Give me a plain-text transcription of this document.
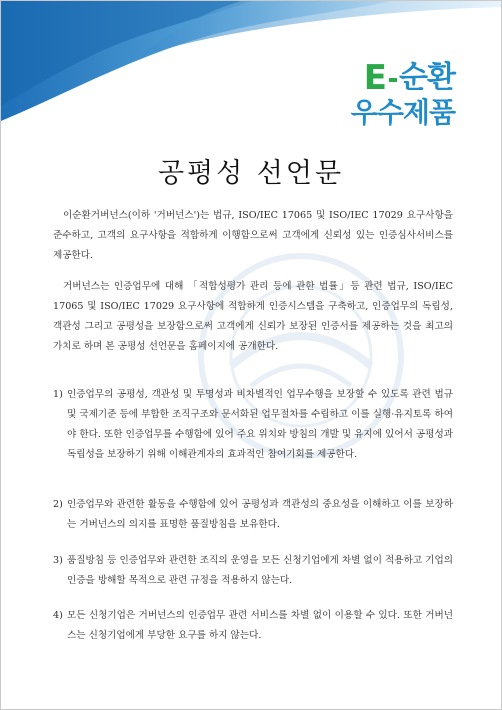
E 순환
우수제품
공평성 선언문
이순환거버넌스(이하 '거버넌스')는 법규, ISO/IEC 17065 및 ISO/IEC 17029 요구사항을 준수하고, 고객의 요구사항을 적합하게 이행함으로써 고객에게 신뢰성 있는 인증심사서비스를 제공한다.
거버넌스는 인증업무에 대해 「적합성평가 관리 등에 관한 법률」등 관련 법규, ISO/IEC 17065 및 ISO/IEC 17029 요구사항에 적합하게 인증시스템을 구축하고, 인증업무의 독립성, 객관성 그리고 공평성을 보장함으로써 고객에게 신뢰가 보장된 인증서를 제공하는 것을 최고의 가치로 하며 본 공평성 선언문을 홈페이지에 공개한다.
1) 인증업무의 공평성, 객관성 및 투명성과 비차별적인 업무수행을 보장할 수 있도록 관련 법규 및 국제기준 등에 부합한 조직구조와 문서화된 업무절차를 수립하고 이를 실행·유지토록 하여야 한다. 또한 인증업무를 수행함에 있어 주요 위치와 방침의 개발 및 유지에 있어서 공평성과 독립성을 보장하기 위해 이해관계자의 효과적인 참여기회를 제공한다.
2) 인증업무와 관련한 활동을 수행함에 있어 공평성과 객관성의 중요성을 이해하고 이를 보장하는 거버넌스의 의지를 표명한 품질방침을 보유한다.
3) 품질방침 등 인증업무와 관련한 조직의 운영을 모든 신청기업에게 차별 없이 적용하고 기업의 인증을 방해할 목적으로 관련 규정을 적용하지 않는다.
4) 모든 신청기업은 거버넌스의 인증업무 관련 서비스를 차별 없이 이용할 수 있다. 또한 거버넌스는 신청기업에게 부당한 요구를 하지 않는다.
